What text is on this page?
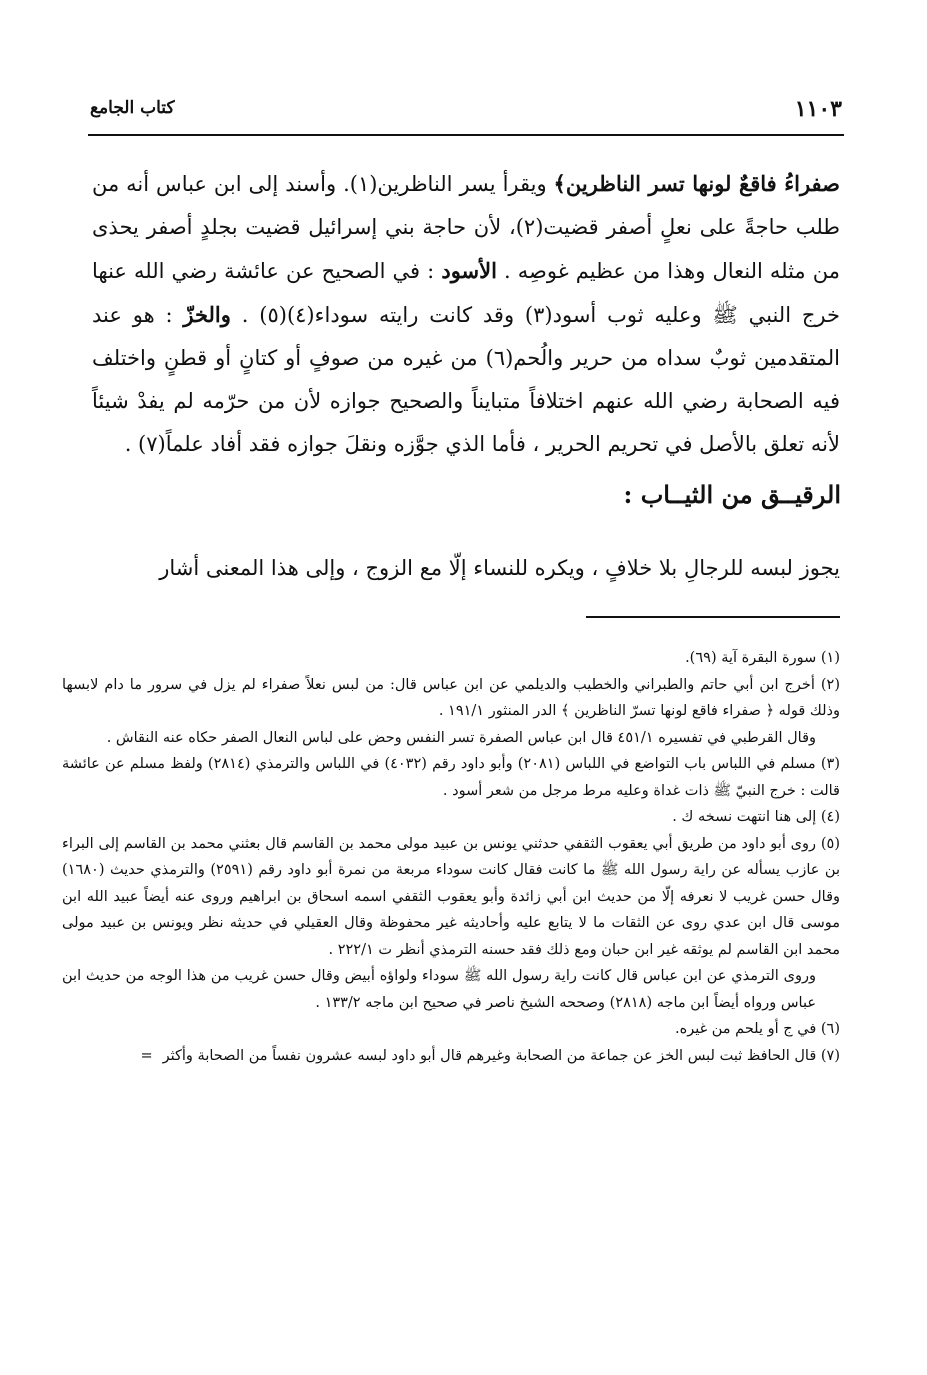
١١٠٣
كتاب الجامع

صفراءُ فاقعٌ لونها تسر الناظرين﴾ ويقرأ يسر الناظرين(١). وأسند إلى ابن عباس أنه من طلب حاجةً على نعلٍ أصفر قضيت(٢)، لأن حاجة بني إسرائيل قضيت بجلدٍ أصفر يحذى من مثله النعال وهذا من عظيم غوصِه . الأسود : في الصحيح عن عائشة رضي الله عنها خرج النبي ﷺ وعليه ثوب أسود(٣) وقد كانت رايته سوداء(٤)(٥) . والخزّ : هو عند المتقدمين ثوبٌ سداه من حرير والُحم(٦) من غيره من صوفٍ أو كتانٍ أو قطنٍ واختلف فيه الصحابة رضي الله عنهم اختلافاً متبايناً والصحيح جوازه لأن من حرّمه لم يفدْ شيئاً لأنه تعلق بالأصل في تحريم الحرير ، فأما الذي جوَّزه ونقلَ جوازه فقد أفاد علماً(٧) .

الرقيــق من الثيــاب :
يجوز لبسه للرجالِ بلا خلافٍ ، ويكره للنساء إلّا مع الزوج ، وإلى هذا المعنى أشار

(١) سورة البقرة آية (٦٩).

(٢) أخرج ابن أبي حاتم والطبراني والخطيب والديلمي عن ابن عباس قال: من لبس نعلاً صفراء لم يزل في سرور ما دام لابسها وذلك قوله ﴿ صفراء فاقع لونها تسرّ الناظرين ﴾ الدر المنثور ١٩١/١ .

وقال القرطبي في تفسيره ٤٥١/١ قال ابن عباس الصفرة تسر النفس وحض على لباس النعال الصفر حكاه عنه النقاش .

(٣) مسلم في اللباس باب التواضع في اللباس (٢٠٨١) وأبو داود رقم (٤٠٣٢) في اللباس والترمذي (٢٨١٤) ولفظ مسلم عن عائشة قالت : خرج النبيّ ﷺ ذات غداة وعليه مرط مرجل من شعر أسود .

(٤) إلى هنا انتهت نسخه ك .

(٥) روى أبو داود من طريق أبي يعقوب الثقفي حدثني يونس بن عبيد مولى محمد بن القاسم قال بعثني محمد بن القاسم إلى البراء بن عازب يسأله عن راية رسول الله ﷺ ما كانت فقال كانت سوداء مربعة من نمرة أبو داود رقم (٢٥٩١) والترمذي حديث (١٦٨٠) وقال حسن غريب لا نعرفه إلّا من حديث ابن أبي زائدة وأبو يعقوب الثقفي اسمه اسحاق بن ابراهيم وروى عنه أيضاً عبيد الله ابن موسى قال ابن عدي روى عن الثقات ما لا يتابع عليه وأحاديثه غير محفوظة وقال العقيلي في حديثه نظر ويونس بن عبيد مولى محمد ابن القاسم لم يوثقه غير ابن حبان ومع ذلك فقد حسنه الترمذي أنظر ت ٢٢٢/١ .

وروى الترمذي عن ابن عباس قال كانت راية رسول الله ﷺ سوداء ولواؤه أبيض وقال حسن غريب من هذا الوجه من حديث ابن عباس ورواه أيضاً ابن ماجه (٢٨١٨) وصححه الشيخ ناصر في صحيح ابن ماجه ١٣٣/٢ .

(٦) في ج أو يلحم من غيره.

(٧) قال الحافظ ثبت لبس الخز عن جماعة من الصحابة وغيرهم قال أبو داود لبسه عشرون نفساً من الصحابة وأكثر=
